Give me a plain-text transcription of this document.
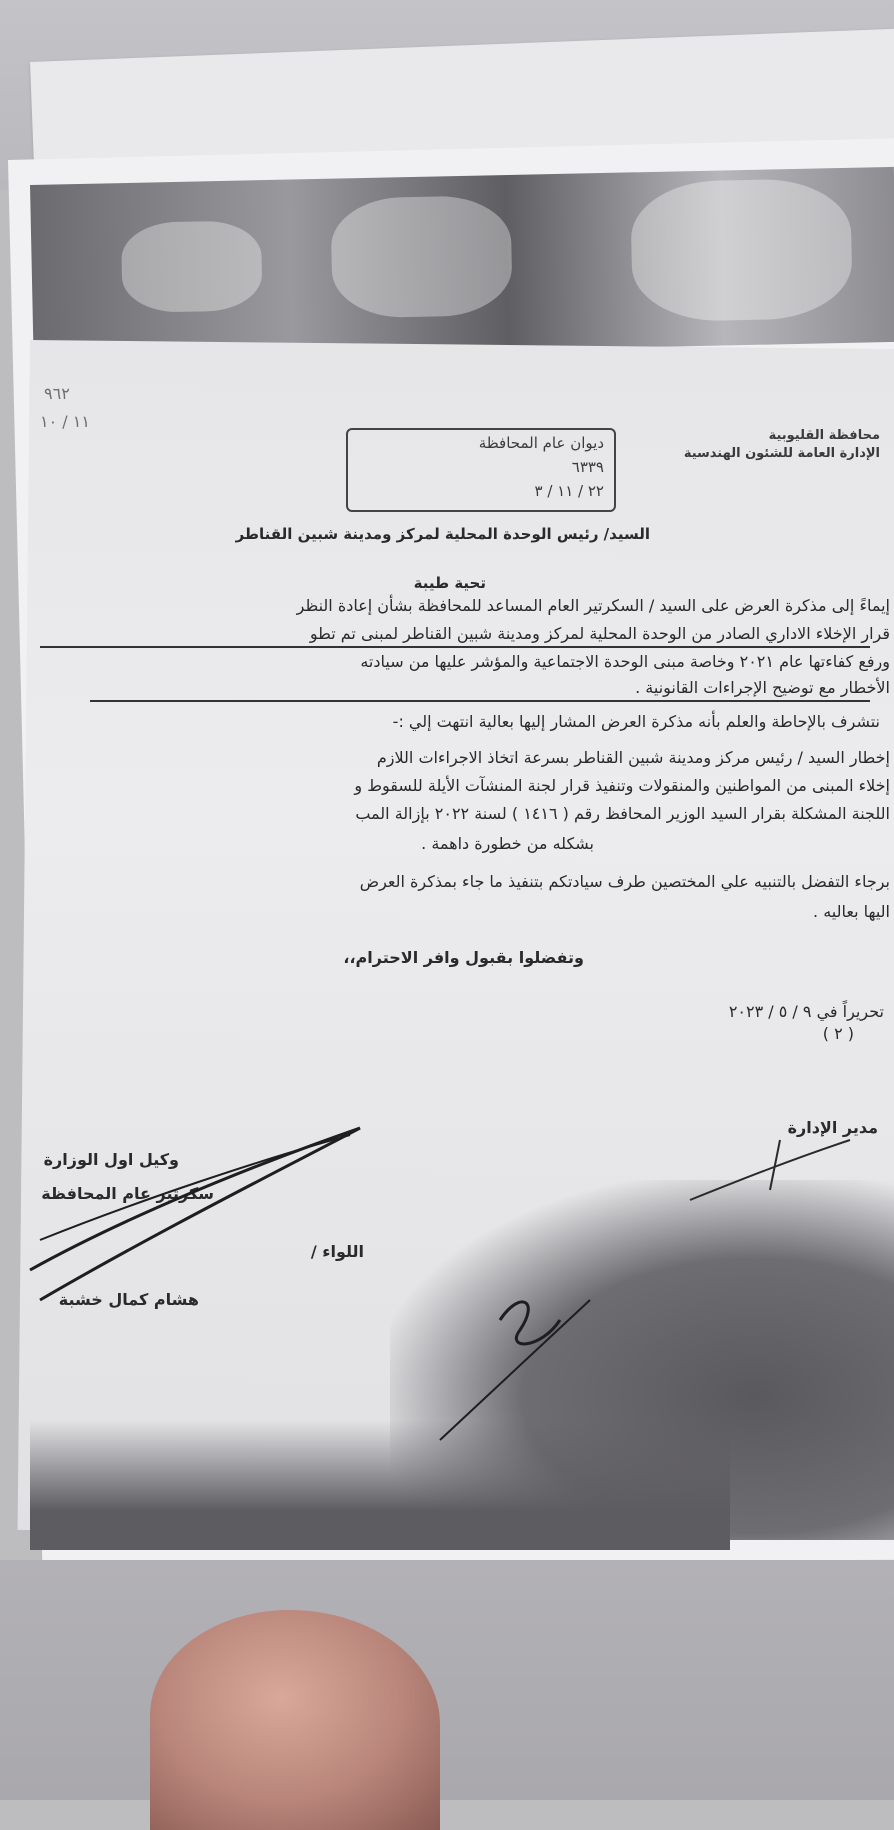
محافظة القليوبية
الإدارة العامة للشئون الهندسية
٩٦٢
١١ / ١٠
ديوان عام المحافظة
٦٣٣٩
٢٢ / ١١ / ٣
السيد/ رئيس الوحدة المحلية لمركز ومدينة شبين القناطر
تحية طيبة
إيماءً إلى مذكرة العرض على السيد / السكرتير العام المساعد للمحافظة بشأن إعادة النظر
قرار الإخلاء الاداري الصادر من الوحدة المحلية لمركز ومدينة شبين القناطر لمبنى تم تطو
ورفع كفاءتها عام ٢٠٢١ وخاصة مبنى الوحدة الاجتماعية والمؤشر عليها من سيادته
الأخطار مع توضيح الإجراءات القانونية .
نتشرف بالإحاطة والعلم بأنه مذكرة العرض المشار إليها بعالية انتهت إلي :-
إخطار السيد / رئيس مركز ومدينة شبين القناطر بسرعة اتخاذ الاجراءات اللازم
إخلاء المبنى من المواطنين والمنقولات وتنفيذ قرار لجنة المنشآت الأيلة للسقوط و
اللجنة المشكلة بقرار السيد الوزير المحافظ رقم ( ١٤١٦ ) لسنة ٢٠٢٢ بإزالة المب
بشكله من خطورة داهمة .
برجاء التفضل بالتنبيه علي المختصين طرف سيادتكم بتنفيذ ما جاء بمذكرة العرض
اليها بعاليه .
وتفضلوا بقبول وافر الاحترام،،
تحريراً في ٩ / ٥ / ٢٠٢٣
( ٢ )
مدير الإدارة
وكيل اول الوزارة
سكرتير عام المحافظة
اللواء /
هشام كمال خشبة
